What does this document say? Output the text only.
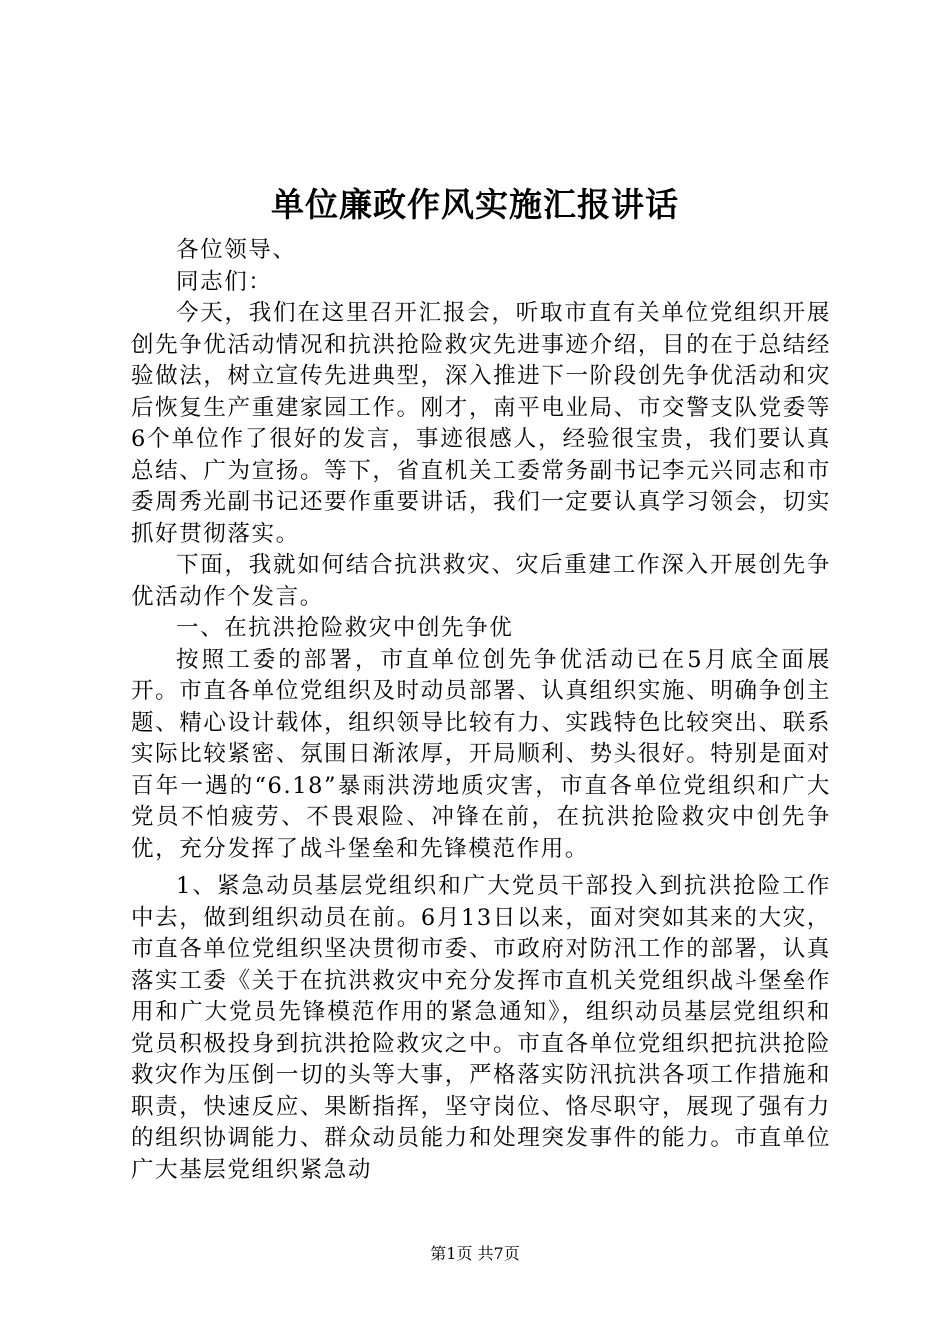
单位廉政作风实施汇报讲话

各位领导、

同志们：

今天，我们在这里召开汇报会，听取市直有关单位党组织开展创先争优活动情况和抗洪抢险救灾先进事迹介绍，目的在于总结经验做法，树立宣传先进典型，深入推进下一阶段创先争优活动和灾后恢复生产重建家园工作。刚才，南平电业局、市交警支队党委等6个单位作了很好的发言，事迹很感人，经验很宝贵，我们要认真总结、广为宣扬。等下，省直机关工委常务副书记李元兴同志和市委周秀光副书记还要作重要讲话，我们一定要认真学习领会，切实抓好贯彻落实。

下面，我就如何结合抗洪救灾、灾后重建工作深入开展创先争优活动作个发言。

一、在抗洪抢险救灾中创先争优

按照工委的部署，市直单位创先争优活动已在5月底全面展开。市直各单位党组织及时动员部署、认真组织实施、明确争创主题、精心设计载体，组织领导比较有力、实践特色比较突出、联系实际比较紧密、氛围日渐浓厚，开局顺利、势头很好。特别是面对百年一遇的“6.18”暴雨洪涝地质灾害，市直各单位党组织和广大党员不怕疲劳、不畏艰险、冲锋在前，在抗洪抢险救灾中创先争优，充分发挥了战斗堡垒和先锋模范作用。

1、紧急动员基层党组织和广大党员干部投入到抗洪抢险工作中去，做到组织动员在前。6月13日以来，面对突如其来的大灾，市直各单位党组织坚决贯彻市委、市政府对防汛工作的部署，认真落实工委《关于在抗洪救灾中充分发挥市直机关党组织战斗堡垒作用和广大党员先锋模范作用的紧急通知》，组织动员基层党组织和党员积极投身到抗洪抢险救灾之中。市直各单位党组织把抗洪抢险救灾作为压倒一切的头等大事，严格落实防汛抗洪各项工作措施和职责，快速反应、果断指挥，坚守岗位、恪尽职守，展现了强有力的组织协调能力、群众动员能力和处理突发事件的能力。市直单位广大基层党组织紧急动

第1页 共7页
